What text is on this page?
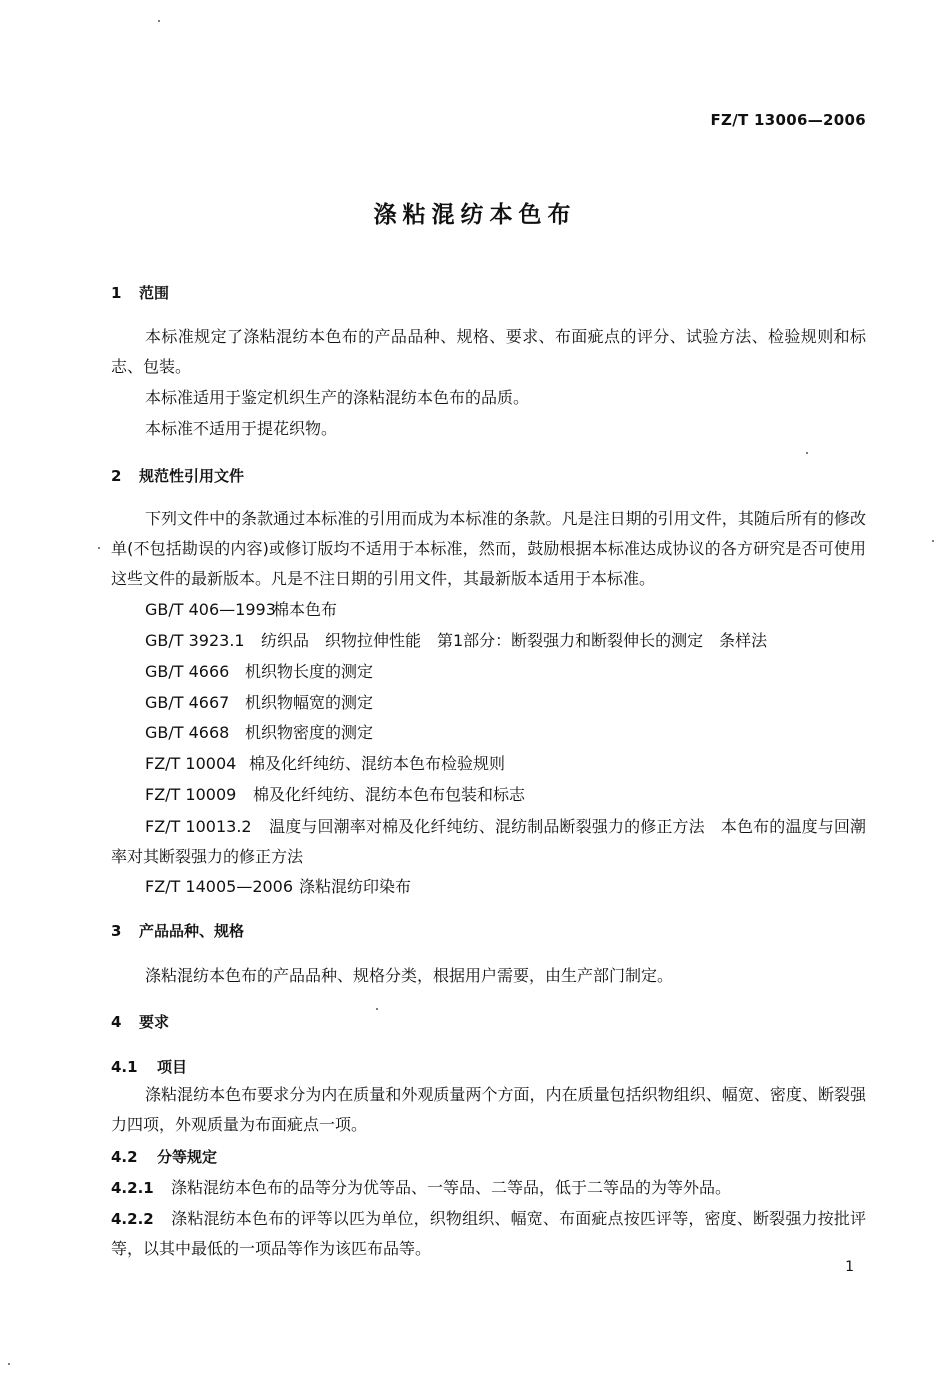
FZ/T 13006—2006
涤粘混纺本色布
1 范围
本标准规定了涤粘混纺本色布的产品品种、规格、要求、布面疵点的评分、试验方法、检验规则和标志、包装。
本标准适用于鉴定机织生产的涤粘混纺本色布的品质。
本标准不适用于提花织物。
2 规范性引用文件
下列文件中的条款通过本标准的引用而成为本标准的条款。凡是注日期的引用文件，其随后所有的修改单(不包括勘误的内容)或修订版均不适用于本标准，然而，鼓励根据本标准达成协议的各方研究是否可使用这些文件的最新版本。凡是不注日期的引用文件，其最新版本适用于本标准。
GB/T 406—1993棉本色布
GB/T 3923.1 纺织品　织物拉伸性能　第1部分：断裂强力和断裂伸长的测定　条样法
GB/T 4666 机织物长度的测定
GB/T 4667 机织物幅宽的测定
GB/T 4668 机织物密度的测定
FZ/T 10004 棉及化纤纯纺、混纺本色布检验规则
FZ/T 10009 棉及化纤纯纺、混纺本色布包装和标志
FZ/T 10013.2 温度与回潮率对棉及化纤纯纺、混纺制品断裂强力的修正方法　本色布的温度与回潮率对其断裂强力的修正方法
FZ/T 14005—2006 涤粘混纺印染布
3 产品品种、规格
涤粘混纺本色布的产品品种、规格分类，根据用户需要，由生产部门制定。
4 要求
4.1 项目
涤粘混纺本色布要求分为内在质量和外观质量两个方面，内在质量包括织物组织、幅宽、密度、断裂强力四项，外观质量为布面疵点一项。
4.2 分等规定
4.2.1 涤粘混纺本色布的品等分为优等品、一等品、二等品，低于二等品的为等外品。
4.2.2 涤粘混纺本色布的评等以匹为单位，织物组织、幅宽、布面疵点按匹评等，密度、断裂强力按批评等，以其中最低的一项品等作为该匹布品等。
1
